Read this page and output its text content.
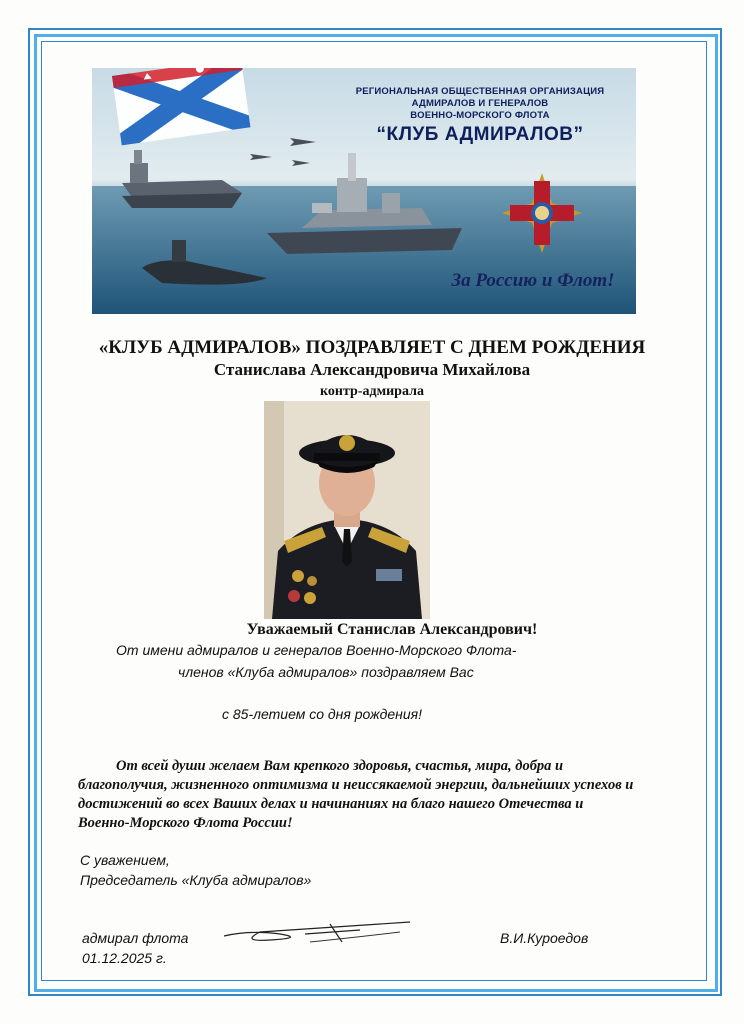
РЕГИОНАЛЬНАЯ ОБЩЕСТВЕННАЯ ОРГАНИЗАЦИЯ
АДМИРАЛОВ И ГЕНЕРАЛОВ
ВОЕННО-МОРСКОГО ФЛОТА
“КЛУБ АДМИРАЛОВ”
За Россию и Флот!
«КЛУБ АДМИРАЛОВ» ПОЗДРАВЛЯЕТ С ДНЕМ РОЖДЕНИЯ
Станислава Александровича Михайлова
контр-адмирала
Уважаемый Станислав Александрович!
От имени адмиралов и генералов Военно-Морского Флота-
членов «Клуба адмиралов» поздравляем Вас
с 85-летием со дня рождения!
От всей души желаем Вам крепкого здоровья, счастья, мира, добра и благополучия, жизненного оптимизма и неиссякаемой энергии, дальнейших успехов и достижений во всех Ваших делах и начинаниях на благо нашего Отечества и Военно-Морского Флота России!
С уважением,
Председатель «Клуба адмиралов»
адмирал флота
01.12.2025 г.
В.И.Куроедов
